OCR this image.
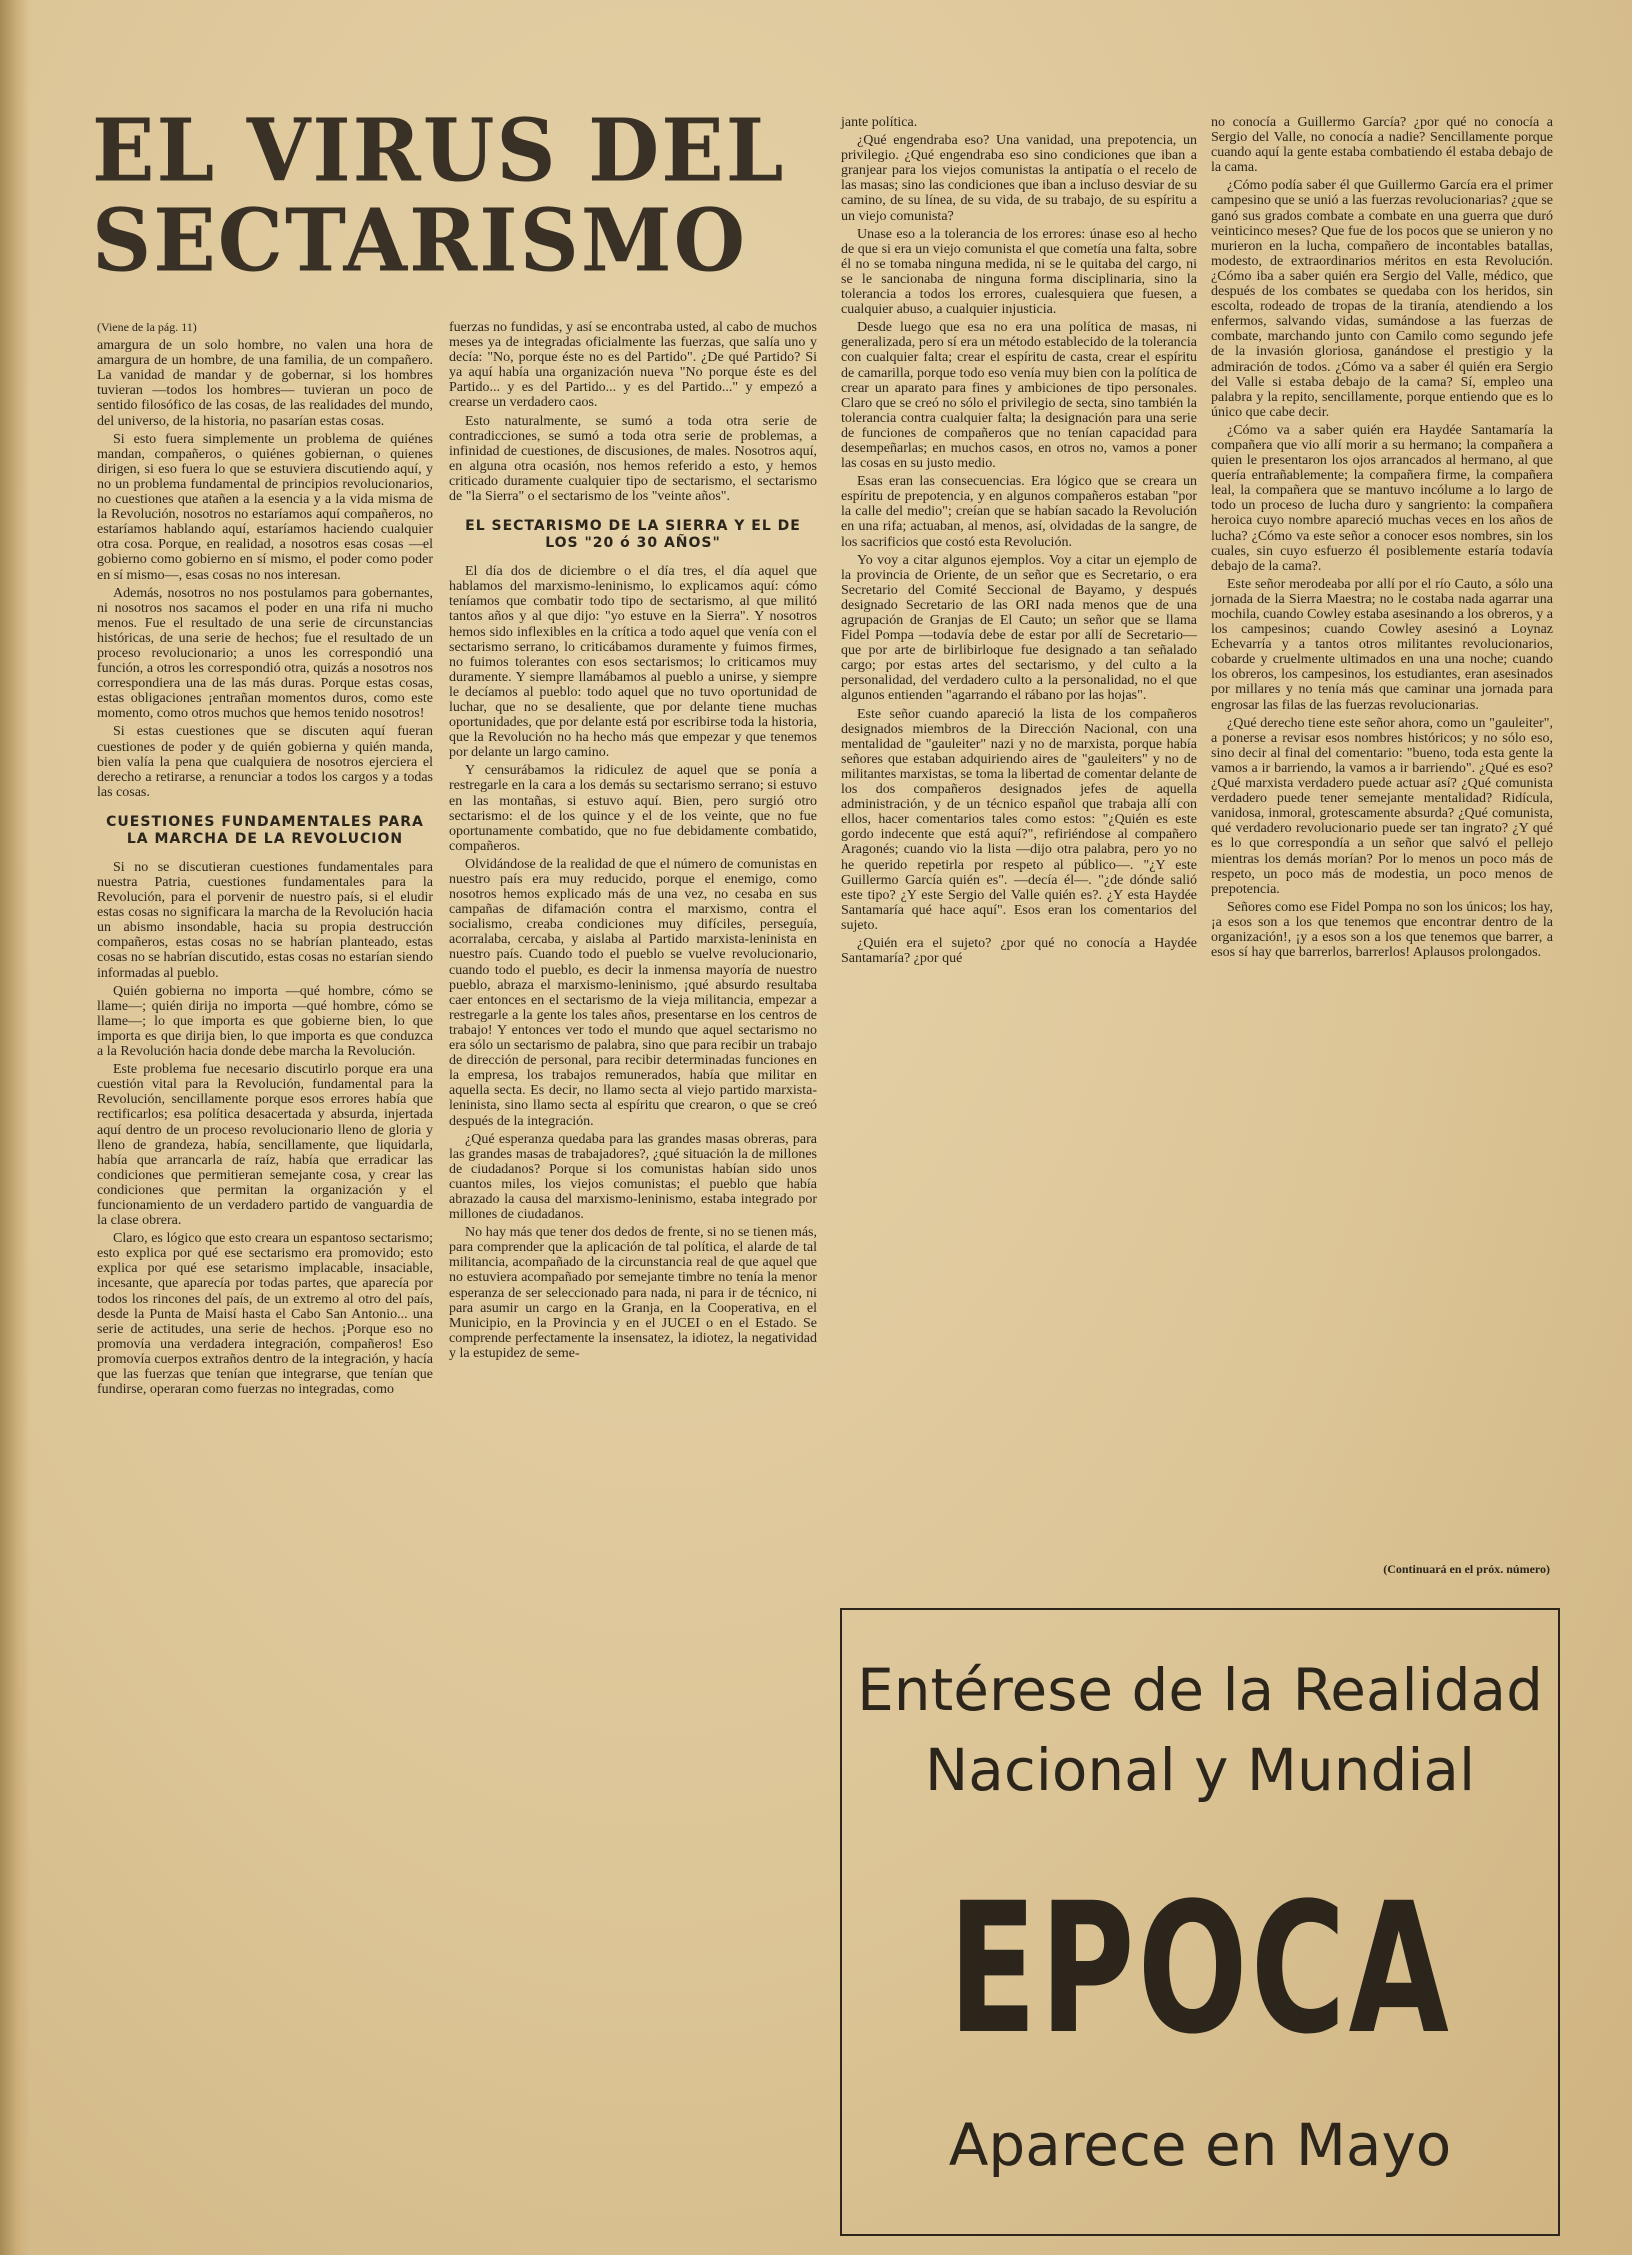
EL VIRUS DEL SECTARISMO

(Viene de la pág. 11)

amargura de un solo hombre, no valen una hora de amargura de un hombre, de una familia, de un compañero. La vanidad de mandar y de gobernar, si los hombres tuvieran —todos los hombres— tuvieran un poco de sentido filosófico de las cosas, de las realidades del mundo, del universo, de la historia, no pasarían estas cosas.

Si esto fuera simplemente un problema de quiénes mandan, compañeros, o quiénes gobiernan, o quienes dirigen, si eso fuera lo que se estuviera discutiendo aquí, y no un problema fundamental de principios revolucionarios, no cuestiones que atañen a la esencia y a la vida misma de la Revolución, nosotros no estaríamos aquí compañeros, no estaríamos hablando aquí, estaríamos haciendo cualquier otra cosa. Porque, en realidad, a nosotros esas cosas —el gobierno como gobierno en sí mismo, el poder como poder en sí mismo—, esas cosas no nos interesan.

Además, nosotros no nos postulamos para gobernantes, ni nosotros nos sacamos el poder en una rifa ni mucho menos. Fue el resultado de una serie de circunstancias históricas, de una serie de hechos; fue el resultado de un proceso revolucionario; a unos les correspondió una función, a otros les correspondió otra, quizás a nosotros nos correspondiera una de las más duras. Porque estas cosas, estas obligaciones ¡entrañan momentos duros, como este momento, como otros muchos que hemos tenido nosotros!

Si estas cuestiones que se discuten aquí fueran cuestiones de poder y de quién gobierna y quién manda, bien valía la pena que cualquiera de nosotros ejerciera el derecho a retirarse, a renunciar a todos los cargos y a todas las cosas.

CUESTIONES FUNDAMENTALES PARA LA MARCHA DE LA REVOLUCION

Si no se discutieran cuestiones fundamentales para nuestra Patria, cuestiones fundamentales para la Revolución, para el porvenir de nuestro país, si el eludir estas cosas no significara la marcha de la Revolución hacia un abismo insondable, hacia su propia destrucción compañeros, estas cosas no se habrían planteado, estas cosas no se habrían discutido, estas cosas no estarían siendo informadas al pueblo.

Quién gobierna no importa —qué hombre, cómo se llame—; quién dirija no importa —qué hombre, cómo se llame—; lo que importa es que gobierne bien, lo que importa es que dirija bien, lo que importa es que conduzca a la Revolución hacia donde debe marcha la Revolución.

Este problema fue necesario discutirlo porque era una cuestión vital para la Revolución, fundamental para la Revolución, sencillamente porque esos errores había que rectificarlos; esa política desacertada y absurda, injertada aquí dentro de un proceso revolucionario lleno de gloria y lleno de grandeza, había, sencillamente, que liquidarla, había que arrancarla de raíz, había que erradicar las condiciones que permitieran semejante cosa, y crear las condiciones que permitan la organización y el funcionamiento de un verdadero partido de vanguardia de la clase obrera.

Claro, es lógico que esto creara un espantoso sectarismo; esto explica por qué ese sectarismo era promovido; esto explica por qué ese setarismo implacable, insaciable, incesante, que aparecía por todas partes, que aparecía por todos los rincones del país, de un extremo al otro del país, desde la Punta de Maisí hasta el Cabo San Antonio... una serie de actitudes, una serie de hechos. ¡Porque eso no promovía una verdadera integración, compañeros! Eso promovía cuerpos extraños dentro de la integración, y hacía que las fuerzas que tenían que integrarse, que tenían que fundirse, operaran como fuerzas no integradas, como

fuerzas no fundidas, y así se encontraba usted, al cabo de muchos meses ya de integradas oficialmente las fuerzas, que salía uno y decía: "No, porque éste no es del Partido". ¿De qué Partido? Si ya aquí había una organización nueva "No porque éste es del Partido... y es del Partido... y es del Partido..." y empezó a crearse un verdadero caos.

Esto naturalmente, se sumó a toda otra serie de contradicciones, se sumó a toda otra serie de problemas, a infinidad de cuestiones, de discusiones, de males. Nosotros aquí, en alguna otra ocasión, nos hemos referido a esto, y hemos criticado duramente cualquier tipo de sectarismo, el sectarismo de "la Sierra" o el sectarismo de los "veinte años".

EL SECTARISMO DE LA SIERRA Y EL DE LOS "20 ó 30 AÑOS"

El día dos de diciembre o el día tres, el día aquel que hablamos del marxismo-leninismo, lo explicamos aquí: cómo teníamos que combatir todo tipo de sectarismo, al que militó tantos años y al que dijo: "yo estuve en la Sierra". Y nosotros hemos sido inflexibles en la crítica a todo aquel que venía con el sectarismo serrano, lo criticábamos duramente y fuimos firmes, no fuimos tolerantes con esos sectarismos; lo criticamos muy duramente. Y siempre llamábamos al pueblo a unirse, y siempre le decíamos al pueblo: todo aquel que no tuvo oportunidad de luchar, que no se desaliente, que por delante tiene muchas oportunidades, que por delante está por escribirse toda la historia, que la Revolución no ha hecho más que empezar y que tenemos por delante un largo camino.

Y censurábamos la ridiculez de aquel que se ponía a restregarle en la cara a los demás su sectarismo serrano; si estuvo en las montañas, si estuvo aquí. Bien, pero surgió otro sectarismo: el de los quince y el de los veinte, que no fue oportunamente combatido, que no fue debidamente combatido, compañeros.

Olvidándose de la realidad de que el número de comunistas en nuestro país era muy reducido, porque el enemigo, como nosotros hemos explicado más de una vez, no cesaba en sus campañas de difamación contra el marxismo, contra el socialismo, creaba condiciones muy difíciles, perseguía, acorralaba, cercaba, y aislaba al Partido marxista-leninista en nuestro país. Cuando todo el pueblo se vuelve revolucionario, cuando todo el pueblo, es decir la inmensa mayoría de nuestro pueblo, abraza el marxismo-leninismo, ¡qué absurdo resultaba caer entonces en el sectarismo de la vieja militancia, empezar a restregarle a la gente los tales años, presentarse en los centros de trabajo! Y entonces ver todo el mundo que aquel sectarismo no era sólo un sectarismo de palabra, sino que para recibir un trabajo de dirección de personal, para recibir determinadas funciones en la empresa, los trabajos remunerados, había que militar en aquella secta. Es decir, no llamo secta al viejo partido marxista-leninista, sino llamo secta al espíritu que crearon, o que se creó después de la integración.

¿Qué esperanza quedaba para las grandes masas obreras, para las grandes masas de trabajadores?, ¿qué situación la de millones de ciudadanos? Porque si los comunistas habían sido unos cuantos miles, los viejos comunistas; el pueblo que había abrazado la causa del marxismo-leninismo, estaba integrado por millones de ciudadanos.

No hay más que tener dos dedos de frente, si no se tienen más, para comprender que la aplicación de tal política, el alarde de tal militancia, acompañado de la circunstancia real de que aquel que no estuviera acompañado por semejante timbre no tenía la menor esperanza de ser seleccionado para nada, ni para ir de técnico, ni para asumir un cargo en la Granja, en la Cooperativa, en el Municipio, en la Provincia y en el JUCEI o en el Estado. Se comprende perfectamente la insensatez, la idiotez, la negatividad y la estupidez de seme-

jante política.

¿Qué engendraba eso? Una vanidad, una prepotencia, un privilegio. ¿Qué engendraba eso sino condiciones que iban a granjear para los viejos comunistas la antipatía o el recelo de las masas; sino las condiciones que iban a incluso desviar de su camino, de su línea, de su vida, de su trabajo, de su espíritu a un viejo comunista?

Unase eso a la tolerancia de los errores: únase eso al hecho de que si era un viejo comunista el que cometía una falta, sobre él no se tomaba ninguna medida, ni se le quitaba del cargo, ni se le sancionaba de ninguna forma disciplinaria, sino la tolerancia a todos los errores, cualesquiera que fuesen, a cualquier abuso, a cualquier injusticia.

Desde luego que esa no era una política de masas, ni generalizada, pero sí era un método establecido de la tolerancia con cualquier falta; crear el espíritu de casta, crear el espíritu de camarilla, porque todo eso venía muy bien con la política de crear un aparato para fines y ambiciones de tipo personales. Claro que se creó no sólo el privilegio de secta, sino también la tolerancia contra cualquier falta; la designación para una serie de funciones de compañeros que no tenían capacidad para desempeñarlas; en muchos casos, en otros no, vamos a poner las cosas en su justo medio.

Esas eran las consecuencias. Era lógico que se creara un espíritu de prepotencia, y en algunos compañeros estaban "por la calle del medio"; creían que se habían sacado la Revolución en una rifa; actuaban, al menos, así, olvidadas de la sangre, de los sacrificios que costó esta Revolución.

Yo voy a citar algunos ejemplos. Voy a citar un ejemplo de la provincia de Oriente, de un señor que es Secretario, o era Secretario del Comité Seccional de Bayamo, y después designado Secretario de las ORI nada menos que de una agrupación de Granjas de El Cauto; un señor que se llama Fidel Pompa —todavía debe de estar por allí de Secretario— que por arte de birlibirloque fue designado a tan señalado cargo; por estas artes del sectarismo, y del culto a la personalidad, del verdadero culto a la personalidad, no el que algunos entienden "agarrando el rábano por las hojas".

Este señor cuando apareció la lista de los compañeros designados miembros de la Dirección Nacional, con una mentalidad de "gauleiter" nazi y no de marxista, porque había señores que estaban adquiriendo aires de "gauleiters" y no de militantes marxistas, se toma la libertad de comentar delante de los dos compañeros designados jefes de aquella administración, y de un técnico español que trabaja allí con ellos, hacer comentarios tales como estos: "¿Quién es este gordo indecente que está aquí?", refiriéndose al compañero Aragonés; cuando vio la lista —dijo otra palabra, pero yo no he querido repetirla por respeto al público—. "¿Y este Guillermo García quién es". —decía él—. "¿de dónde salió este tipo? ¿Y este Sergio del Valle quién es?. ¿Y esta Haydée Santamaría qué hace aquí". Esos eran los comentarios del sujeto.

¿Quién era el sujeto? ¿por qué no conocía a Haydée Santamaría? ¿por qué

no conocía a Guillermo García? ¿por qué no conocía a Sergio del Valle, no conocía a nadie? Sencillamente porque cuando aquí la gente estaba combatiendo él estaba debajo de la cama.

¿Cómo podía saber él que Guillermo García era el primer campesino que se unió a las fuerzas revolucionarias? ¿que se ganó sus grados combate a combate en una guerra que duró veinticinco meses? Que fue de los pocos que se unieron y no murieron en la lucha, compañero de incontables batallas, modesto, de extraordinarios méritos en esta Revolución. ¿Cómo iba a saber quién era Sergio del Valle, médico, que después de los combates se quedaba con los heridos, sin escolta, rodeado de tropas de la tiranía, atendiendo a los enfermos, salvando vidas, sumándose a las fuerzas de combate, marchando junto con Camilo como segundo jefe de la invasión gloriosa, ganándose el prestigio y la admiración de todos. ¿Cómo va a saber él quién era Sergio del Valle si estaba debajo de la cama? Sí, empleo una palabra y la repito, sencillamente, porque entiendo que es lo único que cabe decir.

¿Cómo va a saber quién era Haydée Santamaría la compañera que vio allí morir a su hermano; la compañera a quien le presentaron los ojos arrancados al hermano, al que quería entrañablemente; la compañera firme, la compañera leal, la compañera que se mantuvo incólume a lo largo de todo un proceso de lucha duro y sangriento: la compañera heroica cuyo nombre apareció muchas veces en los años de lucha? ¿Cómo va este señor a conocer esos nombres, sin los cuales, sin cuyo esfuerzo él posiblemente estaría todavía debajo de la cama?.

Este señor merodeaba por allí por el río Cauto, a sólo una jornada de la Sierra Maestra; no le costaba nada agarrar una mochila, cuando Cowley estaba asesinando a los obreros, y a los campesinos; cuando Cowley asesinó a Loynaz Echevarría y a tantos otros militantes revolucionarios, cobarde y cruelmente ultimados en una una noche; cuando los obreros, los campesinos, los estudiantes, eran asesinados por millares y no tenía más que caminar una jornada para engrosar las filas de las fuerzas revolucionarias.

¿Qué derecho tiene este señor ahora, como un "gauleiter", a ponerse a revisar esos nombres históricos; y no sólo eso, sino decir al final del comentario: "bueno, toda esta gente la vamos a ir barriendo, la vamos a ir barriendo". ¿Qué es eso? ¿Qué marxista verdadero puede actuar así? ¿Qué comunista verdadero puede tener semejante mentalidad? Ridícula, vanidosa, inmoral, grotescamente absurda? ¿Qué comunista, qué verdadero revolucionario puede ser tan ingrato? ¿Y qué es lo que correspondía a un señor que salvó el pellejo mientras los demás morían? Por lo menos un poco más de respeto, un poco más de modestia, un poco menos de prepotencia.

Señores como ese Fidel Pompa no son los únicos; los hay, ¡a esos son a los que tenemos que encontrar dentro de la organización!, ¡y a esos son a los que tenemos que barrer, a esos sí hay que barrerlos, barrerlos! Aplausos prolongados.

(Continuará en el próx. número)
Entérese de la Realidad
Nacional y Mundial
EPOCA
Aparece en Mayo
